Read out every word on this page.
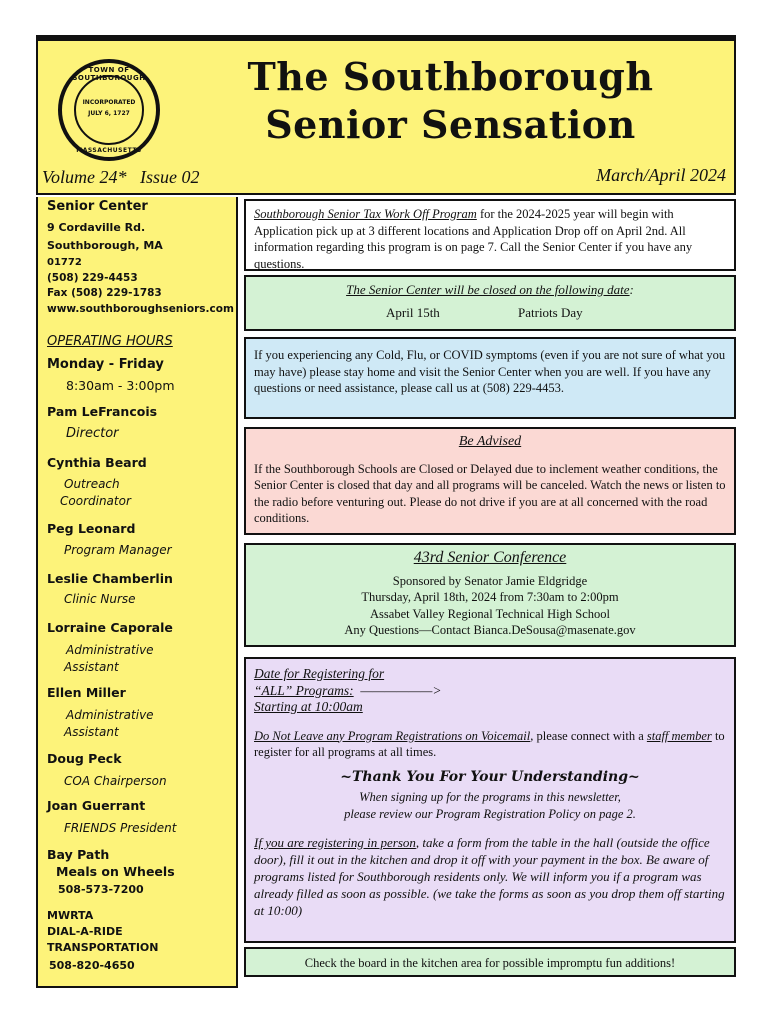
TOWN OF SOUTHBOROUGH
INCORPORATED
JULY 6, 1727
MASSACHUSETTS
The Southborough
Senior Sensation
Volume 24*   Issue 02	March/April 2024
Senior Center
9 Cordaville Rd.
Southborough, MA
01772
(508) 229-4453
Fax (508) 229-1783
www.southboroughseniors.com
OPERATING HOURS
Monday - Friday
8:30am - 3:00pm
Pam LeFrancois
Director
Cynthia Beard
Outreach
Coordinator
Peg Leonard
Program Manager
Leslie Chamberlin
Clinic Nurse
Lorraine Caporale
Administrative
Assistant
Ellen Miller
Administrative
Assistant
Doug Peck
COA Chairperson
Joan Guerrant
FRIENDS President
Bay Path
Meals on Wheels
508-573-7200
MWRTA
DIAL-A-RIDE
TRANSPORTATION
508-820-4650
Southborough Senior Tax Work Off Program for the 2024-2025 year will begin with Application pick up at 3 different locations and Application Drop off on April 2nd. All information regarding this program is on page 7. Call the Senior Center if you have any questions.
The Senior Center will be closed on the following date:
April 15th	Patriots Day
If you experiencing any Cold, Flu, or COVID symptoms (even if you are not sure of what you may have) please stay home and visit the Senior Center when you are well. If you have any questions or need assistance, please call us at (508) 229-4453.
Be Advised
If the Southborough Schools are Closed or Delayed due to inclement weather conditions, the Senior Center is closed that day and all programs will be canceled. Watch the news or listen to the radio before venturing out. Please do not drive if you are at all concerned with the road conditions.
43rd Senior Conference
Sponsored by Senator Jamie Eldgridge
Thursday, April 18th, 2024 from 7:30am to 2:00pm
Assabet Valley Regional Technical High School
Any Questions—Contact Bianca.DeSousa@masenate.gov
Date for Registering for
“ALL” Programs:  ——————>
Starting at 10:00am
Do Not Leave any Program Registrations on Voicemail, please connect with a staff member to register for all programs at all times.
~Thank You For Your Understanding~
When signing up for the programs in this newsletter,
please review our Program Registration Policy on page 2.
If you are registering in person, take a form from the table in the hall (outside the office door), fill it out in the kitchen and drop it off with your payment in the box. Be aware of programs listed for Southborough residents only. We will inform you if a program was already filled as soon as possible. (we take the forms as soon as you drop them off starting at 10:00)
Check the board in the kitchen area for possible impromptu fun additions!
